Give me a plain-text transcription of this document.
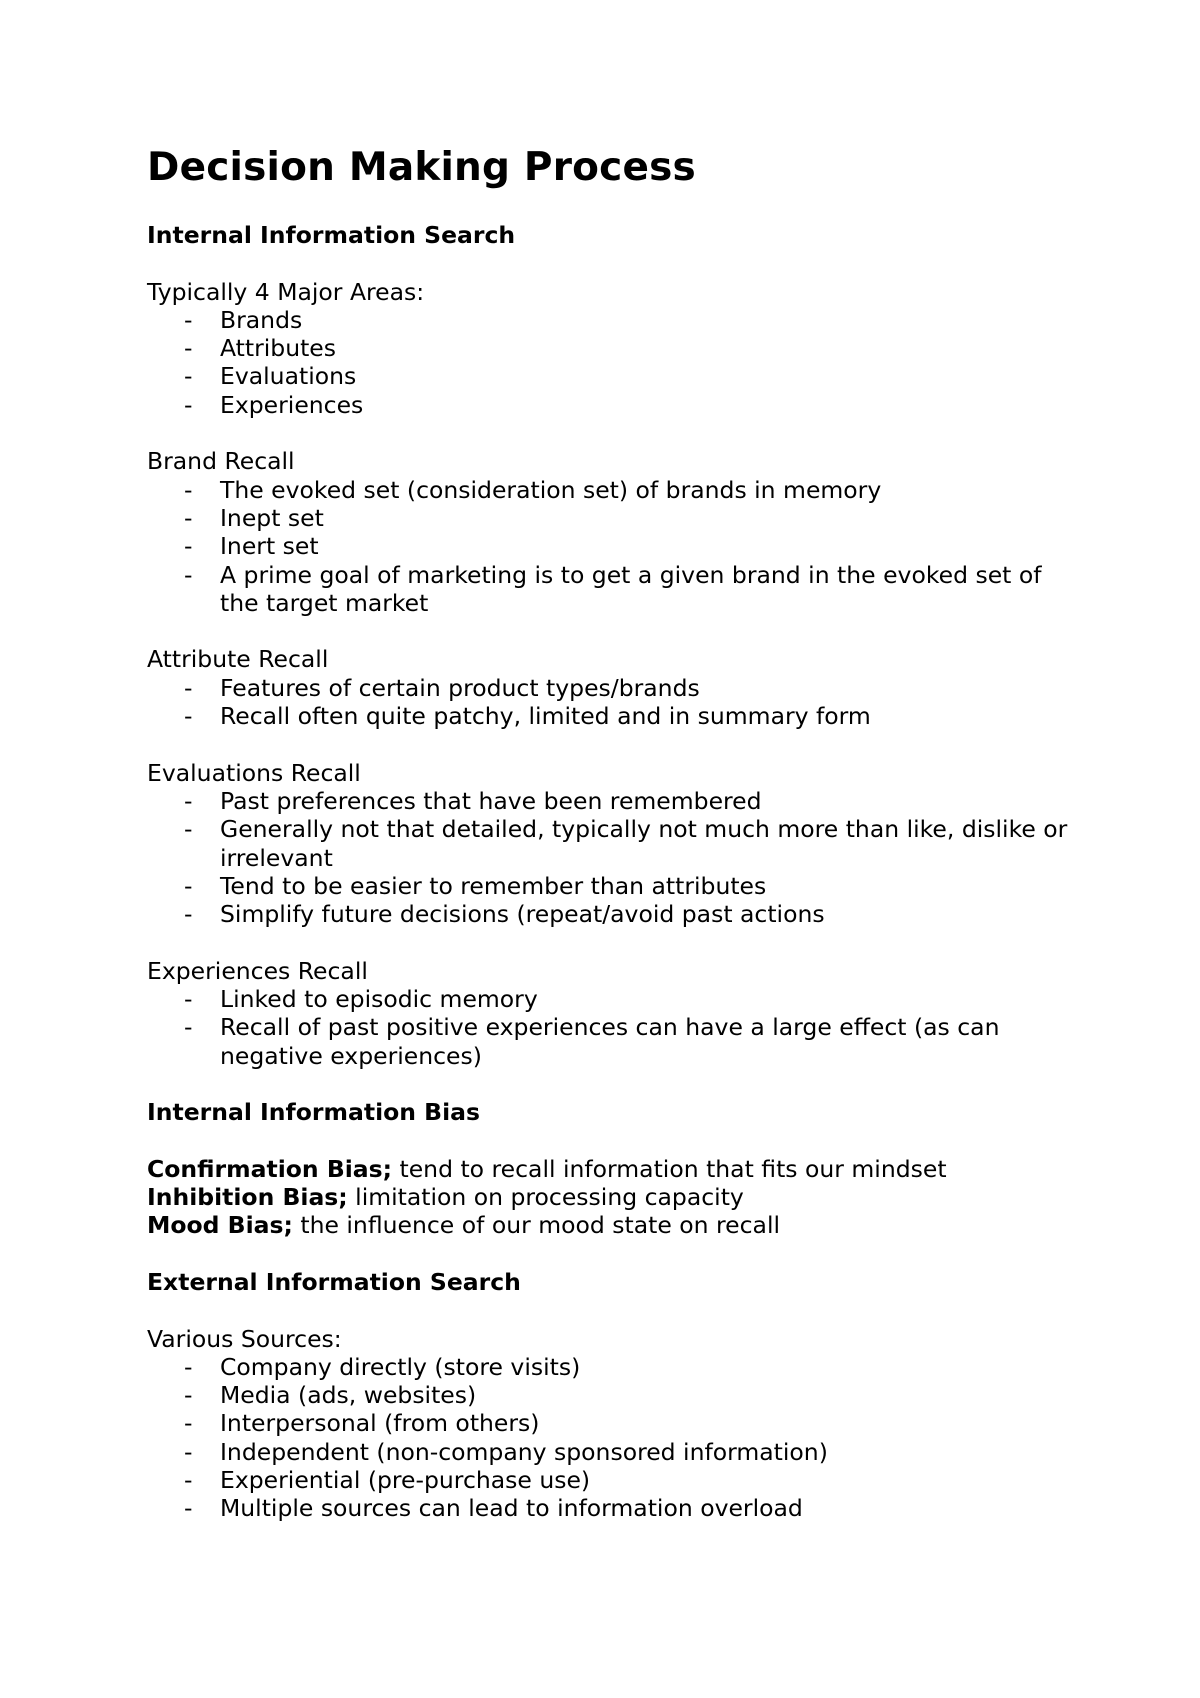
Decision Making Process
Internal Information Search
Typically 4 Major Areas:
- Brands
- Attributes
- Evaluations
- Experiences
Brand Recall
- The evoked set (consideration set) of brands in memory
- Inept set
- Inert set
- A prime goal of marketing is to get a given brand in the evoked set of the target market
Attribute Recall
- Features of certain product types/brands
- Recall often quite patchy, limited and in summary form
Evaluations Recall
- Past preferences that have been remembered
- Generally not that detailed, typically not much more than like, dislike or irrelevant
- Tend to be easier to remember than attributes
- Simplify future decisions (repeat/avoid past actions
Experiences Recall
- Linked to episodic memory
- Recall of past positive experiences can have a large effect (as can negative experiences)
Internal Information Bias
Confirmation Bias; tend to recall information that fits our mindset
Inhibition Bias; limitation on processing capacity
Mood Bias; the influence of our mood state on recall
External Information Search
Various Sources:
- Company directly (store visits)
- Media (ads, websites)
- Interpersonal (from others)
- Independent (non-company sponsored information)
- Experiential (pre-purchase use)
- Multiple sources can lead to information overload
